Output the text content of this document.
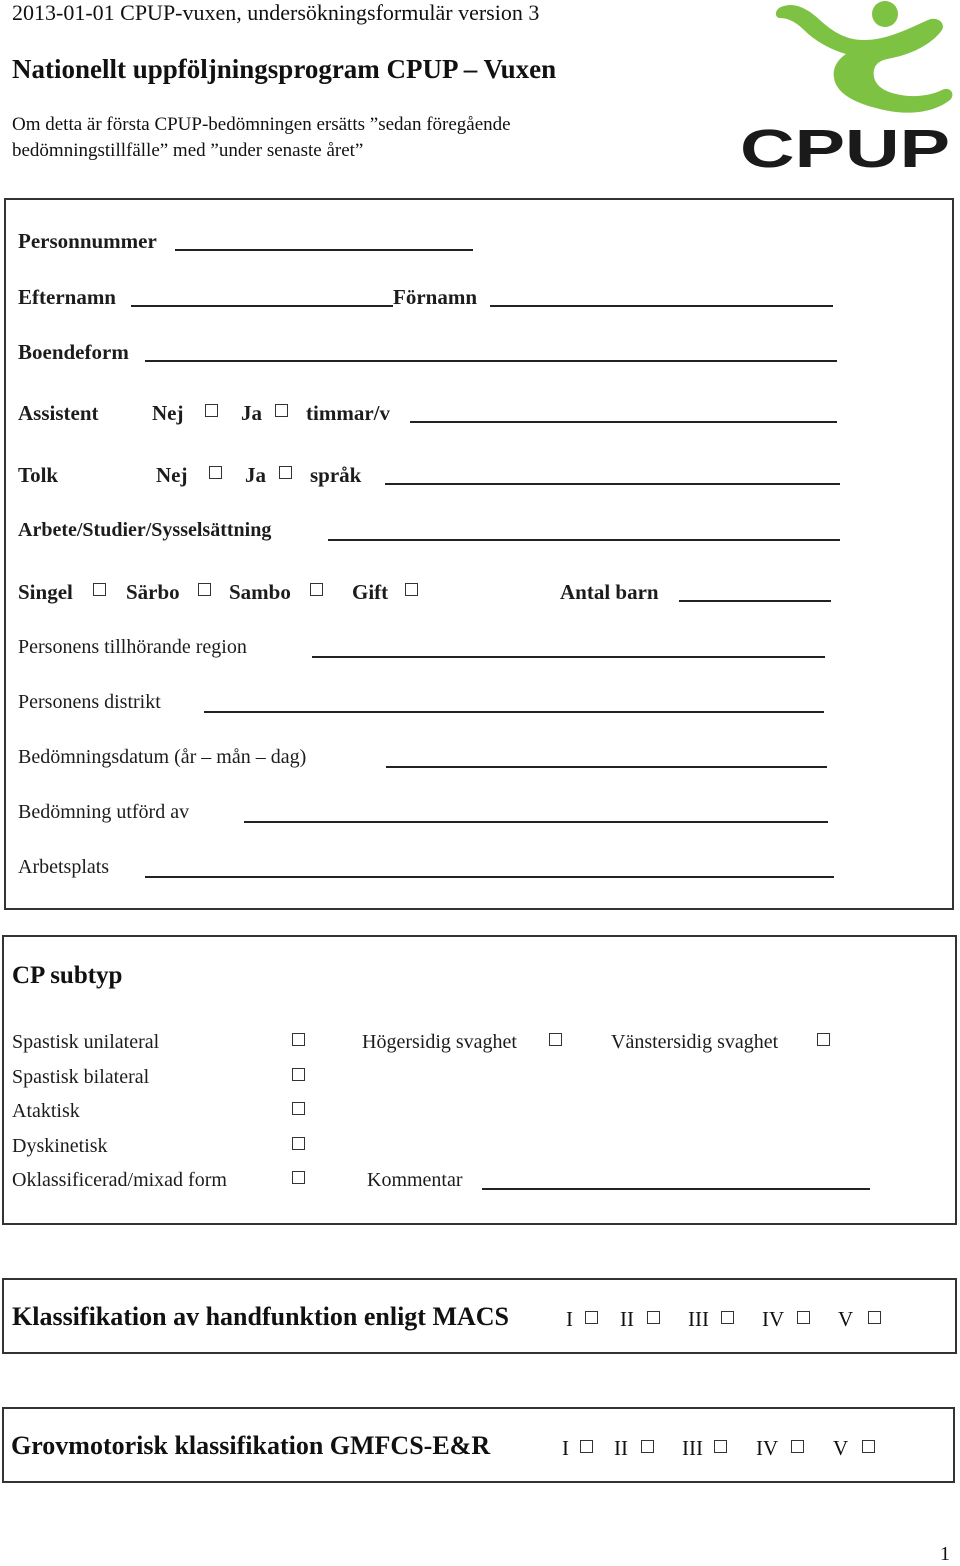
2013-01-01 CPUP-vuxen, undersökningsformulär version 3
Nationellt uppföljningsprogram CPUP – Vuxen
Om detta är första CPUP-bedömningen ersätts ”sedan föregående
bedömningstillfälle” med ”under senaste året”	CPUP
Personnummer
Efternamn	Förnamn
Boendeform
Assistent	Nej	Ja timmar/v
Tolk	Nej	Ja språk
Arbete/Studier/Sysselsättning
Singel	Särbo Sambo	Gift	Antal barn
Personens tillhörande region
Personens distrikt
Bedömningsdatum (år – mån – dag)
Bedömning utförd av
Arbetsplats
CP subtyp
Spastisk unilateral	Högersidig svaghet	Vänstersidig svaghet
Spastisk bilateral
Ataktisk
Dyskinetisk
Oklassificerad/mixad form	Kommentar
Klassifikation av handfunktion enligt MACS	I II	III	IV	V
Grovmotorisk klassifikation GMFCS-E&R	I II	III	IV	V
1
